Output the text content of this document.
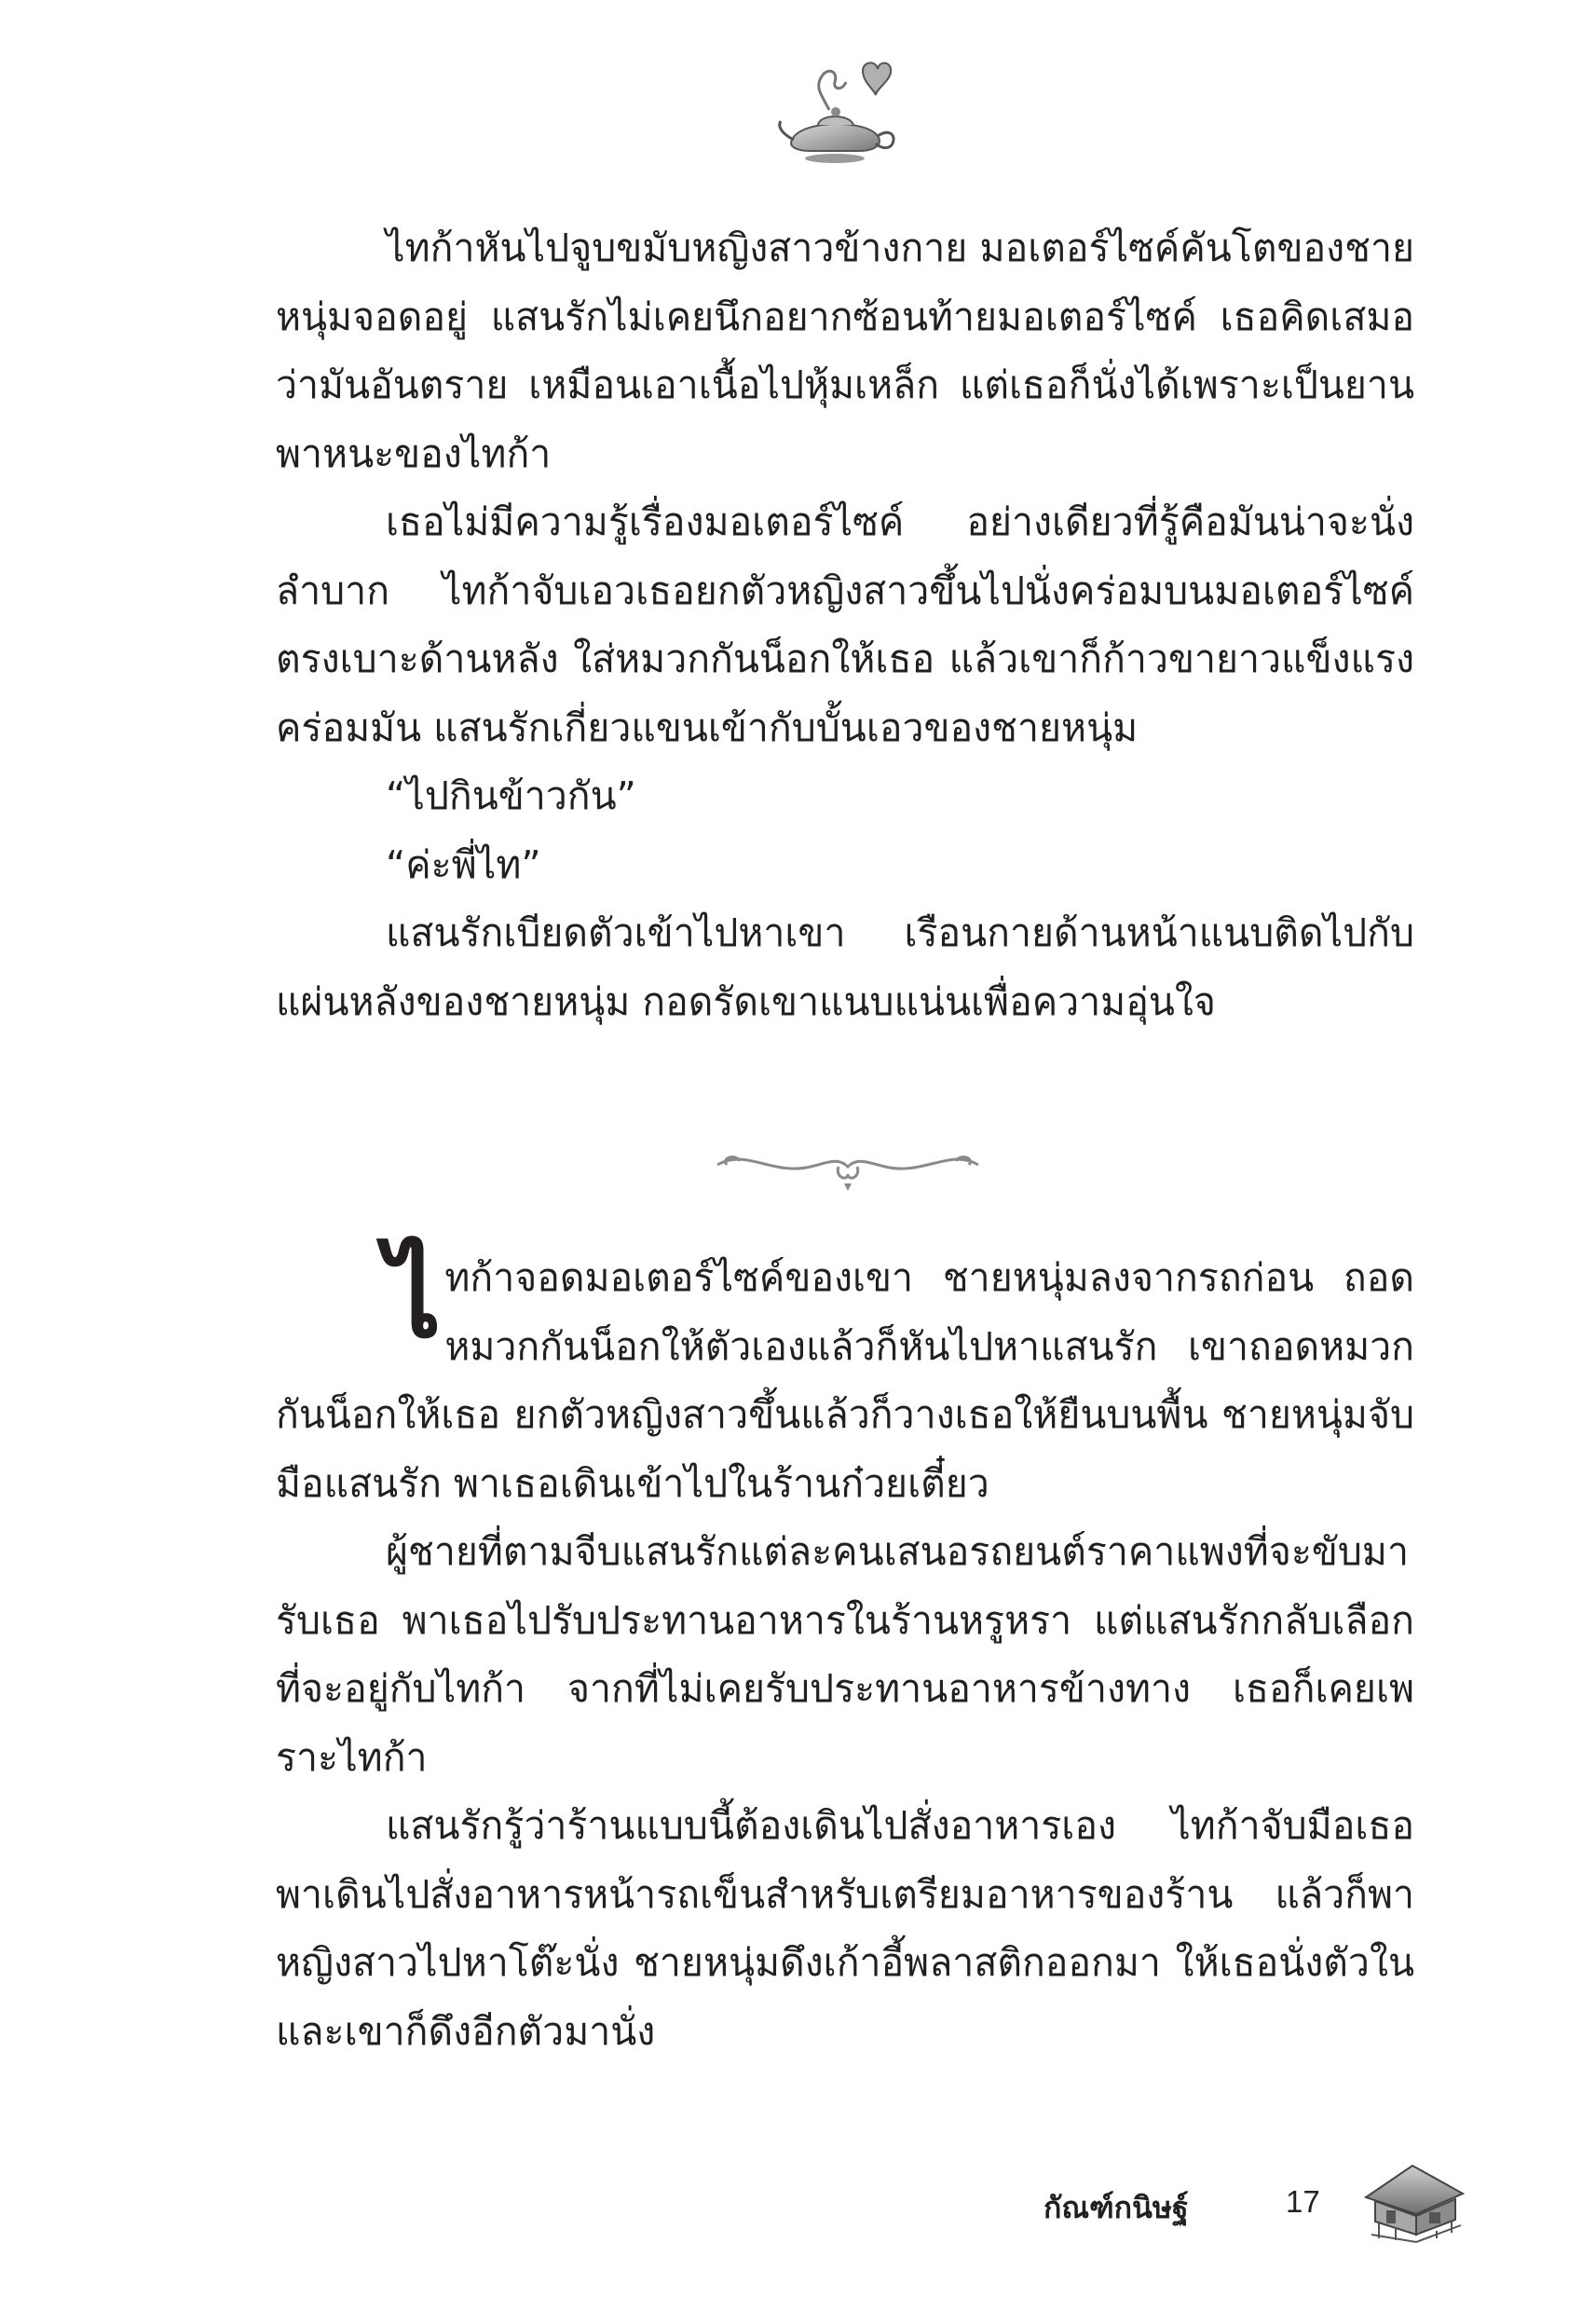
ไทก้าหันไปจูบขมับหญิงสาวข้างกาย มอเตอร์ไซค์คันโตของชายหนุ่มจอดอยู่ แสนรักไม่เคยนึกอยากซ้อนท้ายมอเตอร์ไซค์ เธอคิดเสมอว่ามันอันตราย เหมือนเอาเนื้อไปหุ้มเหล็ก แต่เธอก็นั่งได้เพราะเป็นยานพาหนะของไทก้า

เธอไม่มีความรู้เรื่องมอเตอร์ไซค์ อย่างเดียวที่รู้คือมันน่าจะนั่งลำบาก ไทก้าจับเอวเธอยกตัวหญิงสาวขึ้นไปนั่งคร่อมบนมอเตอร์ไซค์ตรงเบาะด้านหลัง ใส่หมวกกันน็อกให้เธอ แล้วเขาก็ก้าวขายาวแข็งแรงคร่อมมัน แสนรักเกี่ยวแขนเข้ากับบั้นเอวของชายหนุ่ม

“ไปกินข้าวกัน”

“ค่ะพี่ไท”

แสนรักเบียดตัวเข้าไปหาเขา เรือนกายด้านหน้าแนบติดไปกับแผ่นหลังของชายหนุ่ม กอดรัดเขาแนบแน่นเพื่อความอุ่นใจ

ไทก้าจอดมอเตอร์ไซค์ของเขา ชายหนุ่มลงจากรถก่อน ถอดหมวกกันน็อกให้ตัวเองแล้วก็หันไปหาแสนรัก เขาถอดหมวกกันน็อกให้เธอ ยกตัวหญิงสาวขึ้นแล้วก็วางเธอให้ยืนบนพื้น ชายหนุ่มจับมือแสนรัก พาเธอเดินเข้าไปในร้านก๋วยเตี๋ยว

ผู้ชายที่ตามจีบแสนรักแต่ละคนเสนอรถยนต์ราคาแพงที่จะขับมารับเธอ พาเธอไปรับประทานอาหารในร้านหรูหรา แต่แสนรักกลับเลือกที่จะอยู่กับไทก้า จากที่ไม่เคยรับประทานอาหารข้างทาง เธอก็เคยเพราะไทก้า

แสนรักรู้ว่าร้านแบบนี้ต้องเดินไปสั่งอาหารเอง ไทก้าจับมือเธอพาเดินไปสั่งอาหารหน้ารถเข็นสำหรับเตรียมอาหารของร้าน แล้วก็พาหญิงสาวไปหาโต๊ะนั่ง ชายหนุ่มดึงเก้าอี้พลาสติกออกมา ให้เธอนั่งตัวในและเขาก็ดึงอีกตัวมานั่ง

กัณฑ์กนิษฐ์	17
